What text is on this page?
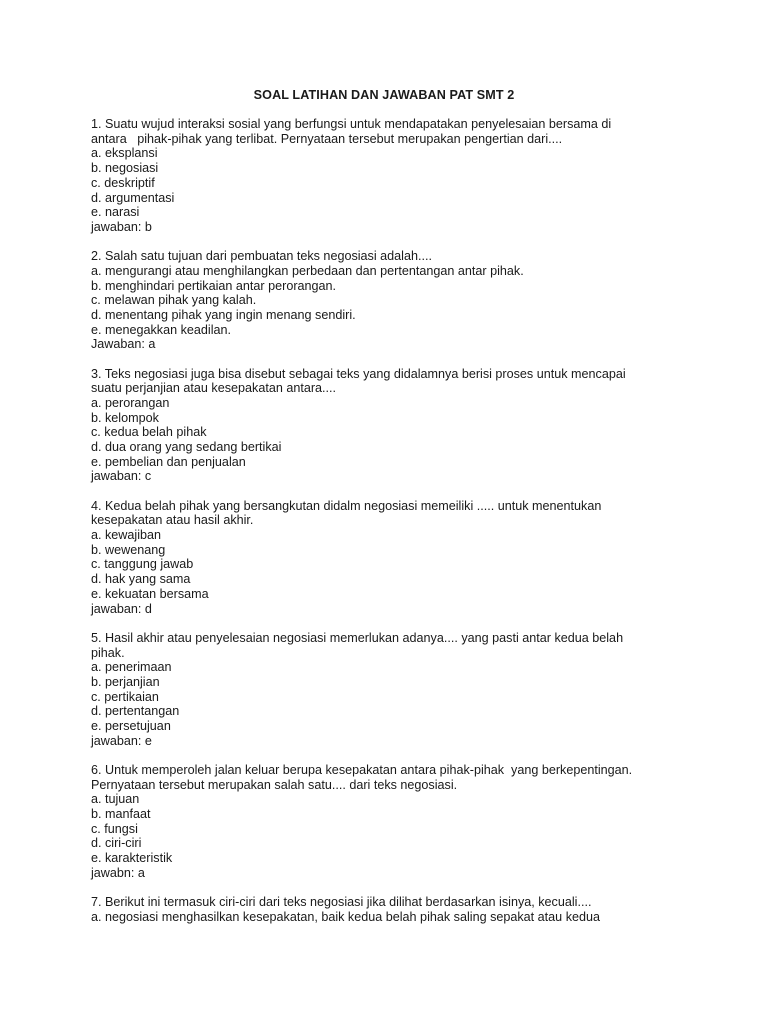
SOAL LATIHAN DAN JAWABAN PAT SMT 2
1. Suatu wujud interaksi sosial yang berfungsi untuk mendapatakan penyelesaian bersama di
antara   pihak-pihak yang terlibat. Pernyataan tersebut merupakan pengertian dari....
a. eksplansi
b. negosiasi
c. deskriptif
d. argumentasi
e. narasi
jawaban: b
2. Salah satu tujuan dari pembuatan teks negosiasi adalah....
a. mengurangi atau menghilangkan perbedaan dan pertentangan antar pihak.
b. menghindari pertikaian antar perorangan.
c. melawan pihak yang kalah.
d. menentang pihak yang ingin menang sendiri.
e. menegakkan keadilan.
Jawaban: a
3. Teks negosiasi juga bisa disebut sebagai teks yang didalamnya berisi proses untuk mencapai
suatu perjanjian atau kesepakatan antara....
a. perorangan
b. kelompok
c. kedua belah pihak
d. dua orang yang sedang bertikai
e. pembelian dan penjualan
jawaban: c
4. Kedua belah pihak yang bersangkutan didalm negosiasi memeiliki ..... untuk menentukan
kesepakatan atau hasil akhir.
a. kewajiban
b. wewenang
c. tanggung jawab
d. hak yang sama
e. kekuatan bersama
jawaban: d
5. Hasil akhir atau penyelesaian negosiasi memerlukan adanya.... yang pasti antar kedua belah
pihak.
a. penerimaan
b. perjanjian
c. pertikaian
d. pertentangan
e. persetujuan
jawaban: e
6. Untuk memperoleh jalan keluar berupa kesepakatan antara pihak-pihak  yang berkepentingan.
Pernyataan tersebut merupakan salah satu.... dari teks negosiasi.
a. tujuan
b. manfaat
c. fungsi
d. ciri-ciri
e. karakteristik
jawabn: a
7. Berikut ini termasuk ciri-ciri dari teks negosiasi jika dilihat berdasarkan isinya, kecuali....
a. negosiasi menghasilkan kesepakatan, baik kedua belah pihak saling sepakat atau kedua
